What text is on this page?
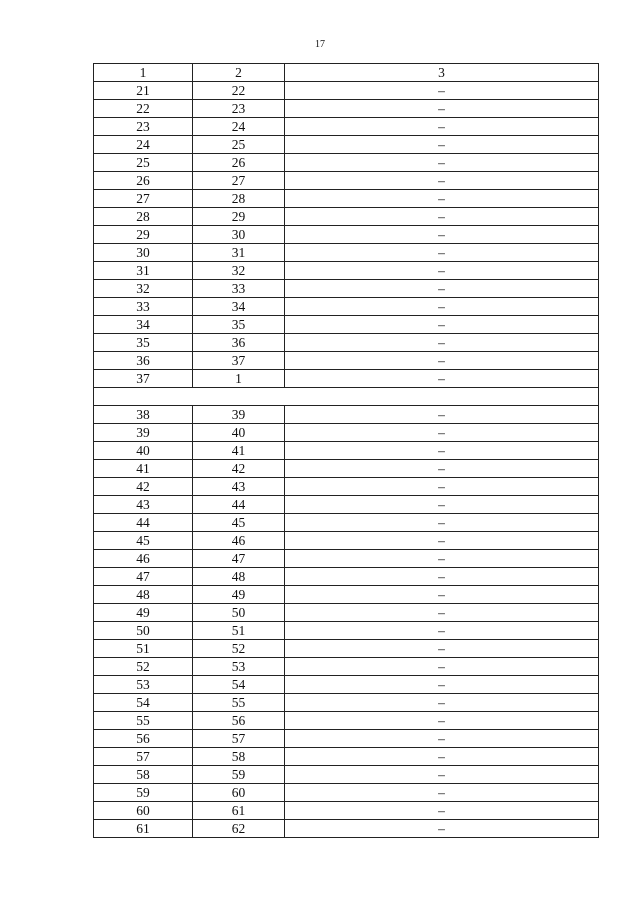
17
1	2	3
21	22	–
22	23	–
23	24	–
24	25	–
25	26	–
26	27	–
27	28	–
28	29	–
29	30	–
30	31	–
31	32	–
32	33	–
33	34	–
34	35	–
35	36	–
36	37	–
37	1	–

38	39	–
39	40	–
40	41	–
41	42	–
42	43	–
43	44	–
44	45	–
45	46	–
46	47	–
47	48	–
48	49	–
49	50	–
50	51	–
51	52	–
52	53	–
53	54	–
54	55	–
55	56	–
56	57	–
57	58	–
58	59	–
59	60	–
60	61	–
61	62	–
